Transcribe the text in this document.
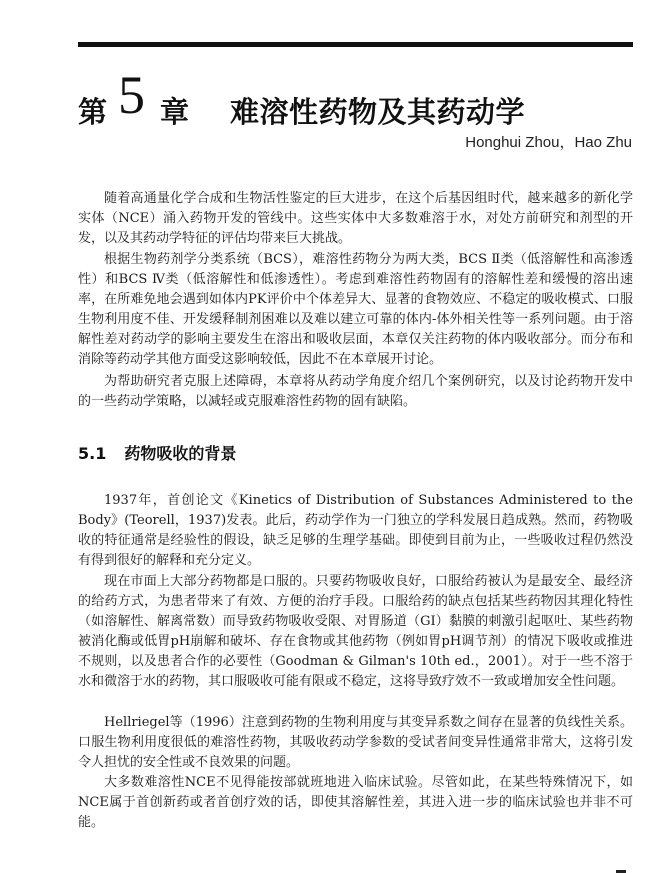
第 5 章 难溶性药物及其药动学
Honghui Zhou，Hao Zhu

随着高通量化学合成和生物活性鉴定的巨大进步，在这个后基因组时代，越来越多的新化学实体（NCE）涌入药物开发的管线中。这些实体中大多数难溶于水，对处方前研究和剂型的开发，以及其药动学特征的评估均带来巨大挑战。

根据生物药剂学分类系统（BCS），难溶性药物分为两大类，BCS Ⅱ类（低溶解性和高渗透性）和BCS Ⅳ类（低溶解性和低渗透性）。考虑到难溶性药物固有的溶解性差和缓慢的溶出速率，在所难免地会遇到如体内PK评价中个体差异大、显著的食物效应、不稳定的吸收模式、口服生物利用度不佳、开发缓释制剂困难以及难以建立可靠的体内-体外相关性等一系列问题。由于溶解性差对药动学的影响主要发生在溶出和吸收层面，本章仅关注药物的体内吸收部分。而分布和消除等药动学其他方面受这影响较低，因此不在本章展开讨论。

为帮助研究者克服上述障碍，本章将从药动学角度介绍几个案例研究，以及讨论药物开发中的一些药动学策略，以减轻或克服难溶性药物的固有缺陷。

5.1 药物吸收的背景

1937年，首创论文《Kinetics of Distribution of Substances Administered to the Body》(Teorell，1937)发表。此后，药动学作为一门独立的学科发展日趋成熟。然而，药物吸收的特征通常是经验性的假设，缺乏足够的生理学基础。即使到目前为止，一些吸收过程仍然没有得到很好的解释和充分定义。

现在市面上大部分药物都是口服的。只要药物吸收良好，口服给药被认为是最安全、最经济的给药方式，为患者带来了有效、方便的治疗手段。口服给药的缺点包括某些药物因其理化特性（如溶解性、解离常数）而导致药物吸收受限、对胃肠道（GI）黏膜的刺激引起呕吐、某些药物被消化酶或低胃pH崩解和破坏、存在食物或其他药物（例如胃pH调节剂）的情况下吸收或推进不规则，以及患者合作的必要性（Goodman & Gilman's 10th ed.，2001）。对于一些不溶于水和微溶于水的药物，其口服吸收可能有限或不稳定，这将导致疗效不一致或增加安全性问题。

Hellriegel等（1996）注意到药物的生物利用度与其变异系数之间存在显著的负线性关系。口服生物利用度很低的难溶性药物，其吸收药动学参数的受试者间变异性通常非常大，这将引发令人担忧的安全性或不良效果的问题。

大多数难溶性NCE不见得能按部就班地进入临床试验。尽管如此，在某些特殊情况下，如NCE属于首创新药或者首创疗效的话，即使其溶解性差，其进入进一步的临床试验也并非不可能。
